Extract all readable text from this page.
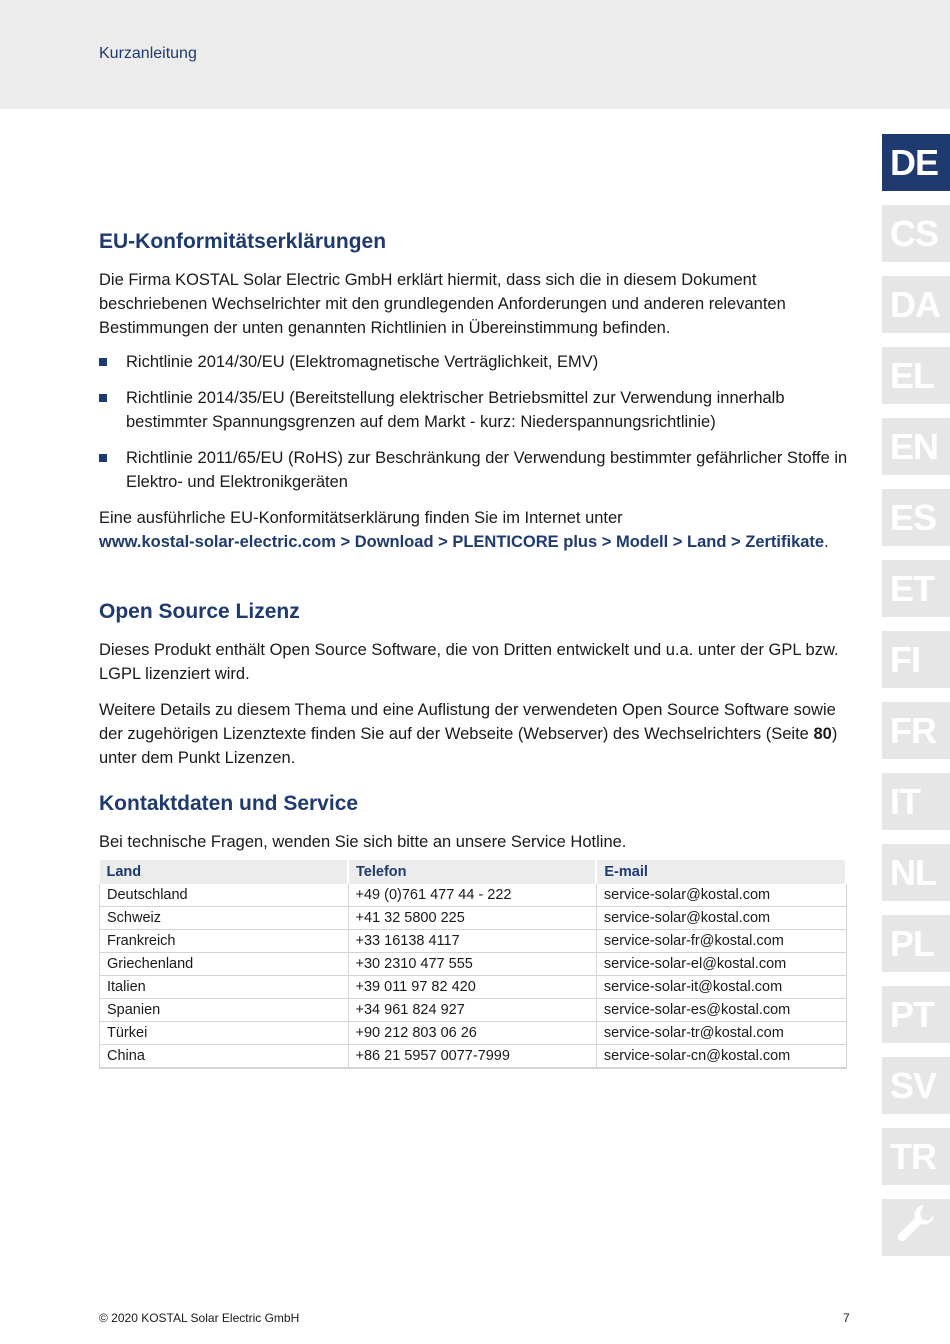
Kurzanleitung
DE
CS
DA
EL
EN
ES
ET
FI
FR
IT
NL
PL
PT
SV
TR
EU-Konformitätserklärungen

Die Firma KOSTAL Solar Electric GmbH erklärt hiermit, dass sich die in diesem Dokument beschriebenen Wechselrichter mit den grundlegenden Anforderungen und anderen relevanten Bestimmungen der unten genannten Richtlinien in Übereinstimmung befinden.

Richtlinie 2014/30/EU (Elektromagnetische Verträglichkeit, EMV)
Richtlinie 2014/35/EU (Bereitstellung elektrischer Betriebsmittel zur Verwendung innerhalb bestimmter Spannungsgrenzen auf dem Markt - kurz: Niederspannungsrichtlinie)
Richtlinie 2011/65/EU (RoHS) zur Beschränkung der Verwendung bestimmter gefährlicher Stoffe in Elektro- und Elektronikgeräten

Eine ausführliche EU-Konformitätserklärung finden Sie im Internet unter
www.kostal-solar-electric.com > Download > PLENTICORE plus > Modell > Land > Zertifikate.

Open Source Lizenz

Dieses Produkt enthält Open Source Software, die von Dritten entwickelt und u.a. unter der GPL bzw. LGPL lizenziert wird.

Weitere Details zu diesem Thema und eine Auflistung der verwendeten Open Source Software sowie der zugehörigen Lizenztexte finden Sie auf der Webseite (Webserver) des Wechselrichters (Seite 80) unter dem Punkt Lizenzen.

Kontaktdaten und Service

Bei technische Fragen, wenden Sie sich bitte an unsere Service Hotline.

Land	Telefon	E-mail
Deutschland	+49 (0)761 477 44 - 222	service-solar@kostal.com
Schweiz	+41 32 5800 225	service-solar@kostal.com
Frankreich	+33 16138 4117	service-solar-fr@kostal.com
Griechenland	+30 2310 477 555	service-solar-el@kostal.com
Italien	+39 011 97 82 420	service-solar-it@kostal.com
Spanien	+34 961 824 927	service-solar-es@kostal.com
Türkei	+90 212 803 06 26	service-solar-tr@kostal.com
China	+86 21 5957 0077-7999	service-solar-cn@kostal.com
© 2020 KOSTAL Solar Electric GmbH	7
